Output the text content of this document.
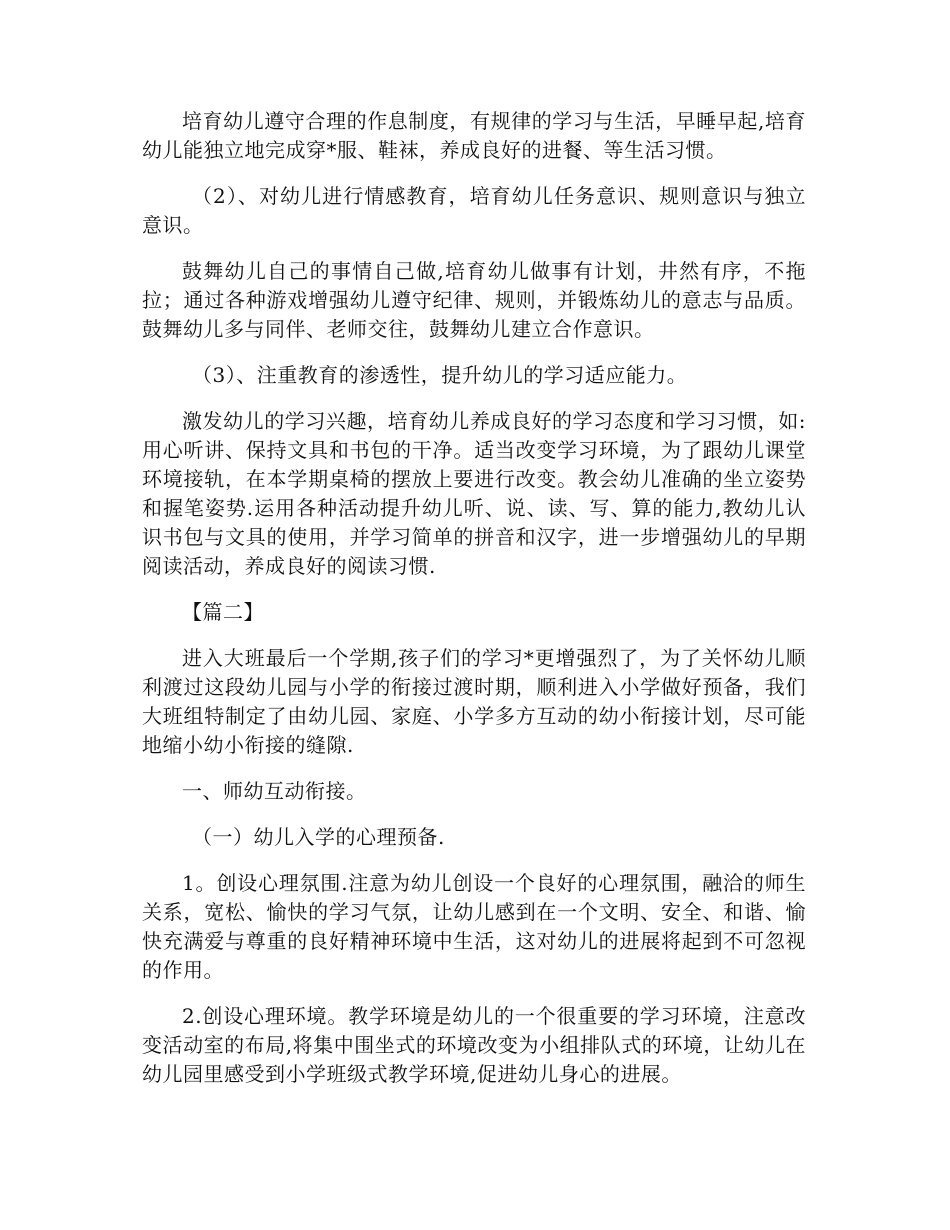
培育幼儿遵守合理的作息制度，有规律的学习与生活，早睡早起,培育幼儿能独立地完成穿*服、鞋袜，养成良好的进餐、等生活习惯。

（2）、对幼儿进行情感教育，培育幼儿任务意识、规则意识与独立意识。

鼓舞幼儿自己的事情自己做,培育幼儿做事有计划，井然有序，不拖拉；通过各种游戏增强幼儿遵守纪律、规则，并锻炼幼儿的意志与品质。鼓舞幼儿多与同伴、老师交往，鼓舞幼儿建立合作意识。

（3）、注重教育的渗透性，提升幼儿的学习适应能力。

激发幼儿的学习兴趣，培育幼儿养成良好的学习态度和学习习惯，如:用心听讲、保持文具和书包的干净。适当改变学习环境，为了跟幼儿课堂环境接轨，在本学期桌椅的摆放上要进行改变。教会幼儿准确的坐立姿势和握笔姿势.运用各种活动提升幼儿听、说、读、写、算的能力,教幼儿认识书包与文具的使用，并学习简单的拼音和汉字，进一步增强幼儿的早期阅读活动，养成良好的阅读习惯.

【篇二】

进入大班最后一个学期,孩子们的学习*更增强烈了，为了关怀幼儿顺利渡过这段幼儿园与小学的衔接过渡时期，顺利进入小学做好预备，我们大班组特制定了由幼儿园、家庭、小学多方互动的幼小衔接计划，尽可能地缩小幼小衔接的缝隙.

一、师幼互动衔接。

（一）幼儿入学的心理预备.

1。创设心理氛围.注意为幼儿创设一个良好的心理氛围，融洽的师生关系，宽松、愉快的学习气氛，让幼儿感到在一个文明、安全、和谐、愉快充满爱与尊重的良好精神环境中生活，这对幼儿的进展将起到不可忽视的作用。

2.创设心理环境。教学环境是幼儿的一个很重要的学习环境，注意改变活动室的布局,将集中围坐式的环境改变为小组排队式的环境，让幼儿在幼儿园里感受到小学班级式教学环境,促进幼儿身心的进展。
